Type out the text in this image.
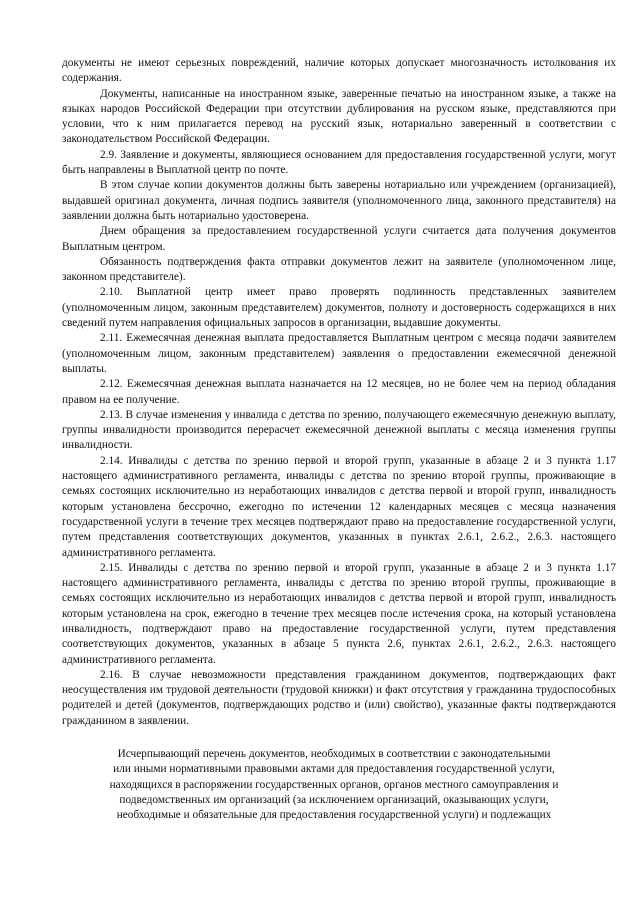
документы не имеют серьезных повреждений, наличие которых допускает многозначность истолкования их содержания.

Документы, написанные на иностранном языке, заверенные печатью на иностранном языке, а также на языках народов Российской Федерации при отсутствии дублирования на русском языке, представляются при условии, что к ним прилагается перевод на русский язык, нотариально заверенный в соответствии с законодательством Российской Федерации.

2.9. Заявление и документы, являющиеся основанием для предоставления государственной услуги, могут быть направлены в Выплатной центр по почте.

В этом случае копии документов должны быть заверены нотариально или учреждением (организацией), выдавшей оригинал документа, личная подпись заявителя (уполномоченного лица, законного представителя) на заявлении должна быть нотариально удостоверена.

Днем обращения за предоставлением государственной услуги считается дата получения документов Выплатным центром.

Обязанность подтверждения факта отправки документов лежит на заявителе (уполномоченном лице, законном представителе).

2.10. Выплатной центр имеет право проверять подлинность представленных заявителем (уполномоченным лицом, законным представителем) документов, полноту и достоверность содержащихся в них сведений путем направления официальных запросов в организации, выдавшие документы.

2.11. Ежемесячная денежная выплата предоставляется Выплатным центром с месяца подачи заявителем (уполномоченным лицом, законным представителем) заявления о предоставлении ежемесячной денежной выплаты.

2.12. Ежемесячная денежная выплата назначается на 12 месяцев, но не более чем на период обладания правом на ее получение.

2.13. В случае изменения у инвалида с детства по зрению, получающего ежемесячную денежную выплату, группы инвалидности производится перерасчет ежемесячной денежной выплаты с месяца изменения группы инвалидности.

2.14. Инвалиды с детства по зрению первой и второй групп, указанные в абзаце 2 и 3 пункта 1.17 настоящего административного регламента, инвалиды с детства по зрению второй группы, проживающие в семьях состоящих исключительно из неработающих инвалидов с детства первой и второй групп, инвалидность которым установлена бессрочно, ежегодно по истечении 12 календарных месяцев с месяца назначения государственной услуги в течение трех месяцев подтверждают право на предоставление государственной услуги, путем представления соответствующих документов, указанных в пунктах 2.6.1, 2.6.2., 2.6.3. настоящего административного регламента.

2.15. Инвалиды с детства по зрению первой и второй групп, указанные в абзаце 2 и 3 пункта 1.17 настоящего административного регламента, инвалиды с детства по зрению второй группы, проживающие в семьях состоящих исключительно из неработающих инвалидов с детства первой и второй групп, инвалидность которым установлена на срок, ежегодно в течение трех месяцев после истечения срока, на который установлена инвалидность, подтверждают право на предоставление государственной услуги, путем представления соответствующих документов, указанных в абзаце 5 пункта 2.6, пунктах 2.6.1, 2.6.2., 2.6.3. настоящего административного регламента.

2.16. В случае невозможности представления гражданином документов, подтверждающих факт неосуществления им трудовой деятельности (трудовой книжки) и факт отсутствия у гражданина трудоспособных родителей и детей (документов, подтверждающих родство и (или) свойство), указанные факты подтверждаются гражданином в заявлении.

Исчерпывающий перечень документов, необходимых в соответствии с законодательными

или иными нормативными правовыми актами для предоставления государственной услуги,

находящихся в распоряжении государственных органов, органов местного самоуправления и

подведомственных им организаций (за исключением организаций, оказывающих услуги,

необходимые и обязательные для предоставления государственной услуги) и подлежащих
